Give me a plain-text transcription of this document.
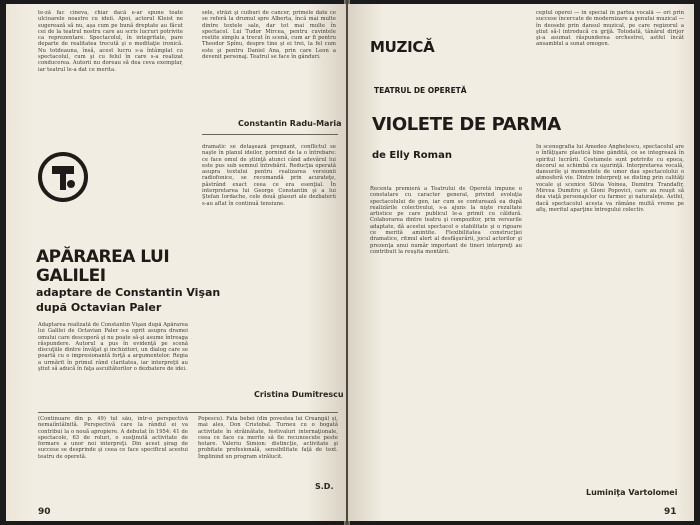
te-ză fac cineva, chiar dacă e-ar spune toate ulcioarele noastre cu ideii. Apoi, actorul Kleist ne sugerează să nu, aşa cum pe bună dreptate au făcut cei de la teatrul nostru care au scris lucruri potrivite ca reprezentare. Spectacolul, în integritate, pare departe de realitatea trecută şi o meditaţie ironică. Nu totdeauna, însă, acest lucru s-a întâmplat cu spectacolul, cum şi cu felul în care s-a realizat conducerea. Autorii nu doreau să dea ceva exemplar, iar teatrul le-a dat ce merita.
sele, străzi şi cuiburi de cancer, primele date ce se referă la drumul spre Alberta, încă mai multe dintre textele sale, dar tot mai multe în spectacol. Lui Tudor Mircea, pentru cuvintele rostite simplu a trecut în scenă, cum ar fi pentru Theodor Spînu, despre tine şi ei trei, la fel cum este şi pentru Daniel Ana, prin care Leon a devenit personaj. Teatrul se face în gânduri.
Constantin Radu-Maria
APĂRAREA LUI
GALILEI
adaptare de Constantin Vişan
după Octavian Paler
Adaptarea realizată de Constantin Vişan după Apărarea lui Galilei de Octavian Paler s-a oprit asupra dramei omului care descoperă şi nu poate să-şi asume întreaga răspundere. Autorul a pus în evidenţă pe scenă discuţiile dintre învăţat şi inchizitori, un dialog care se poartă cu o impresionantă forţă a argumentelor. Regia a urmărit în primul rând claritatea, iar interpreţii au ştiut să aducă în faţa ascultătorilor o dezbatere de idei.
dramatic se detaşează pregnant, conflictul se naşte în planul ideilor, pornind de la o întrebare: ce face omul de ştiinţă atunci când adevărul lui este pus sub semnul întrebării. Reducţia operată asupra textului pentru realizarea versiunii radiofonice, se recomandă prin acurateţe, păstrând exact ceea ce era esenţial. În interpretarea lui George Constantin şi a lui Ştefan Iordache, cele două glasuri ale dezbaterii s-au aflat în continuă tensiune.
Cristina Dumitrescu
(Continuare din p. 49) tul său, într-o perspectivă nemaiîntâlnită. Perspectivă care la rândul ei va contribui la o nouă apropiere. A debutat în 1954: 41 de spectacole, 63 de roluri, o susţinută activitate de formare a unor noi interpreţi. Din acest şirag de succese se desprinde şi ceea ce face specificul acestui teatru de operetă.
Popescu). Fata bebei (din povestea lui Creangă) şi, mai ales, Don Cristobal. Turneu cu o bogată activitate în străinătate, festivaluri internaţionale, ceea ce face ca merite să fie recunoscute peste hotare. Valeriu Simion: distincţie, activitate şi probitate profesională, sensibilitate faţă de text. Împlinind un program strălucit.
S.D.
90
MUZICĂ
TEATRUL DE OPERETĂ
VIOLETE DE PARMA
de Elly Roman
ceptul operei — în special în partea vocală — ori prin succese încercate de modernizare a genului muzical — în deosebi prin dansul muzical, pe care regizorul a ştiut să-l introducă cu grijă. Totodată, tânărul dirijor şi-a asumat răspunderea orchestrei, astfel încât ansamblul a sunat omogen.
Recenta premieră a Teatrului de Operetă impune o constatare cu caracter general, privind evoluţia spectacolului de gen, iar cum se conturează ea după realizările colectivului, s-a ajuns la nişte rezultate artistice pe care publicul le-a primit cu căldură. Colaborarea dintre teatru şi compozitor, prin versurile adaptate, dă acestui spectacol o stabilitate şi o rigoare ce merită amintite. Flexibilitatea construcţiei dramatice, ritmul alert al desfăşurării, jocul actorilor şi prezenţa unui număr important de tineri interpreţi au contribuit la reuşita montării.
În scenografia lui Amedeo Anghelescu, spectacolul are o înfăţişare plastică bine gândită, ce se integrează în spiritul lucrării. Costumele sunt potrivite cu epoca, decorul se schimbă cu uşurinţă. Interpretarea vocală, dansurile şi momentele de umor dau spectacolului o atmosferă vie. Dintre interpreţi se disting prin calităţi vocale şi scenice Silvia Voinea, Dumitru Trandafir, Mircea Dumitru şi Gioni Popovici, care au reuşit să dea viaţă personajelor cu farmec şi naturaleţe. Astfel, dacă spectacolul acesta va rămâne multă vreme pe afiş, meritul aparţine întregului colectiv.
Luminiţa Vartolomei
91
